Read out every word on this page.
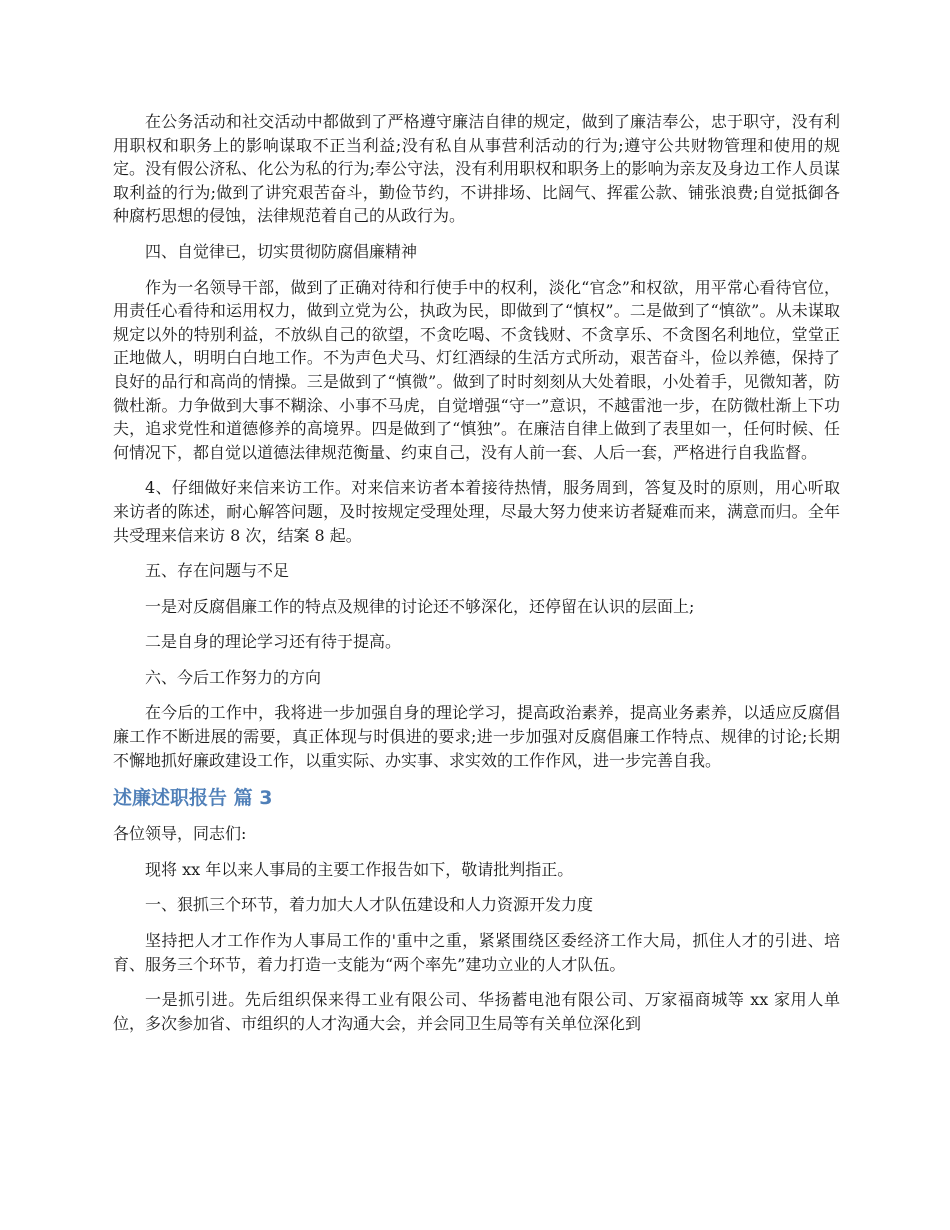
在公务活动和社交活动中都做到了严格遵守廉洁自律的规定，做到了廉洁奉公，忠于职守，没有利用职权和职务上的影响谋取不正当利益;没有私自从事营利活动的行为;遵守公共财物管理和使用的规定。没有假公济私、化公为私的行为;奉公守法，没有利用职权和职务上的影响为亲友及身边工作人员谋取利益的行为;做到了讲究艰苦奋斗，勤俭节约，不讲排场、比阔气、挥霍公款、铺张浪费;自觉抵御各种腐朽思想的侵蚀，法律规范着自己的从政行为。

四、自觉律已，切实贯彻防腐倡廉精神

作为一名领导干部，做到了正确对待和行使手中的权利，淡化“官念”和权欲，用平常心看待官位，用责任心看待和运用权力，做到立党为公，执政为民，即做到了“慎权”。二是做到了“慎欲”。从未谋取规定以外的特别利益，不放纵自己的欲望，不贪吃喝、不贪钱财、不贪享乐、不贪图名利地位，堂堂正正地做人，明明白白地工作。不为声色犬马、灯红酒绿的生活方式所动，艰苦奋斗，俭以养德，保持了良好的品行和高尚的情操。三是做到了“慎微”。做到了时时刻刻从大处着眼，小处着手，见微知著，防微杜渐。力争做到大事不糊涂、小事不马虎，自觉增强“守一”意识，不越雷池一步，在防微杜渐上下功夫，追求党性和道德修养的高境界。四是做到了“慎独”。在廉洁自律上做到了表里如一，任何时候、任何情况下，都自觉以道德法律规范衡量、约束自己，没有人前一套、人后一套，严格进行自我监督。

4、仔细做好来信来访工作。对来信来访者本着接待热情，服务周到，答复及时的原则，用心听取来访者的陈述，耐心解答问题，及时按规定受理处理，尽最大努力使来访者疑难而来，满意而归。全年共受理来信来访 8 次，结案 8 起。

五、存在问题与不足

一是对反腐倡廉工作的特点及规律的讨论还不够深化，还停留在认识的层面上;

二是自身的理论学习还有待于提高。

六、今后工作努力的方向

在今后的工作中，我将进一步加强自身的理论学习，提高政治素养，提高业务素养，以适应反腐倡廉工作不断进展的需要，真正体现与时俱进的要求;进一步加强对反腐倡廉工作特点、规律的讨论;长期不懈地抓好廉政建设工作，以重实际、办实事、求实效的工作作风，进一步完善自我。

述廉述职报告 篇 3

各位领导，同志们:

现将 xx 年以来人事局的主要工作报告如下，敬请批判指正。

一、狠抓三个环节，着力加大人才队伍建设和人力资源开发力度

坚持把人才工作作为人事局工作的'重中之重，紧紧围绕区委经济工作大局，抓住人才的引进、培育、服务三个环节，着力打造一支能为“两个率先”建功立业的人才队伍。

一是抓引进。先后组织保来得工业有限公司、华扬蓄电池有限公司、万家福商城等 xx 家用人单位，多次参加省、市组织的人才沟通大会，并会同卫生局等有关单位深化到
